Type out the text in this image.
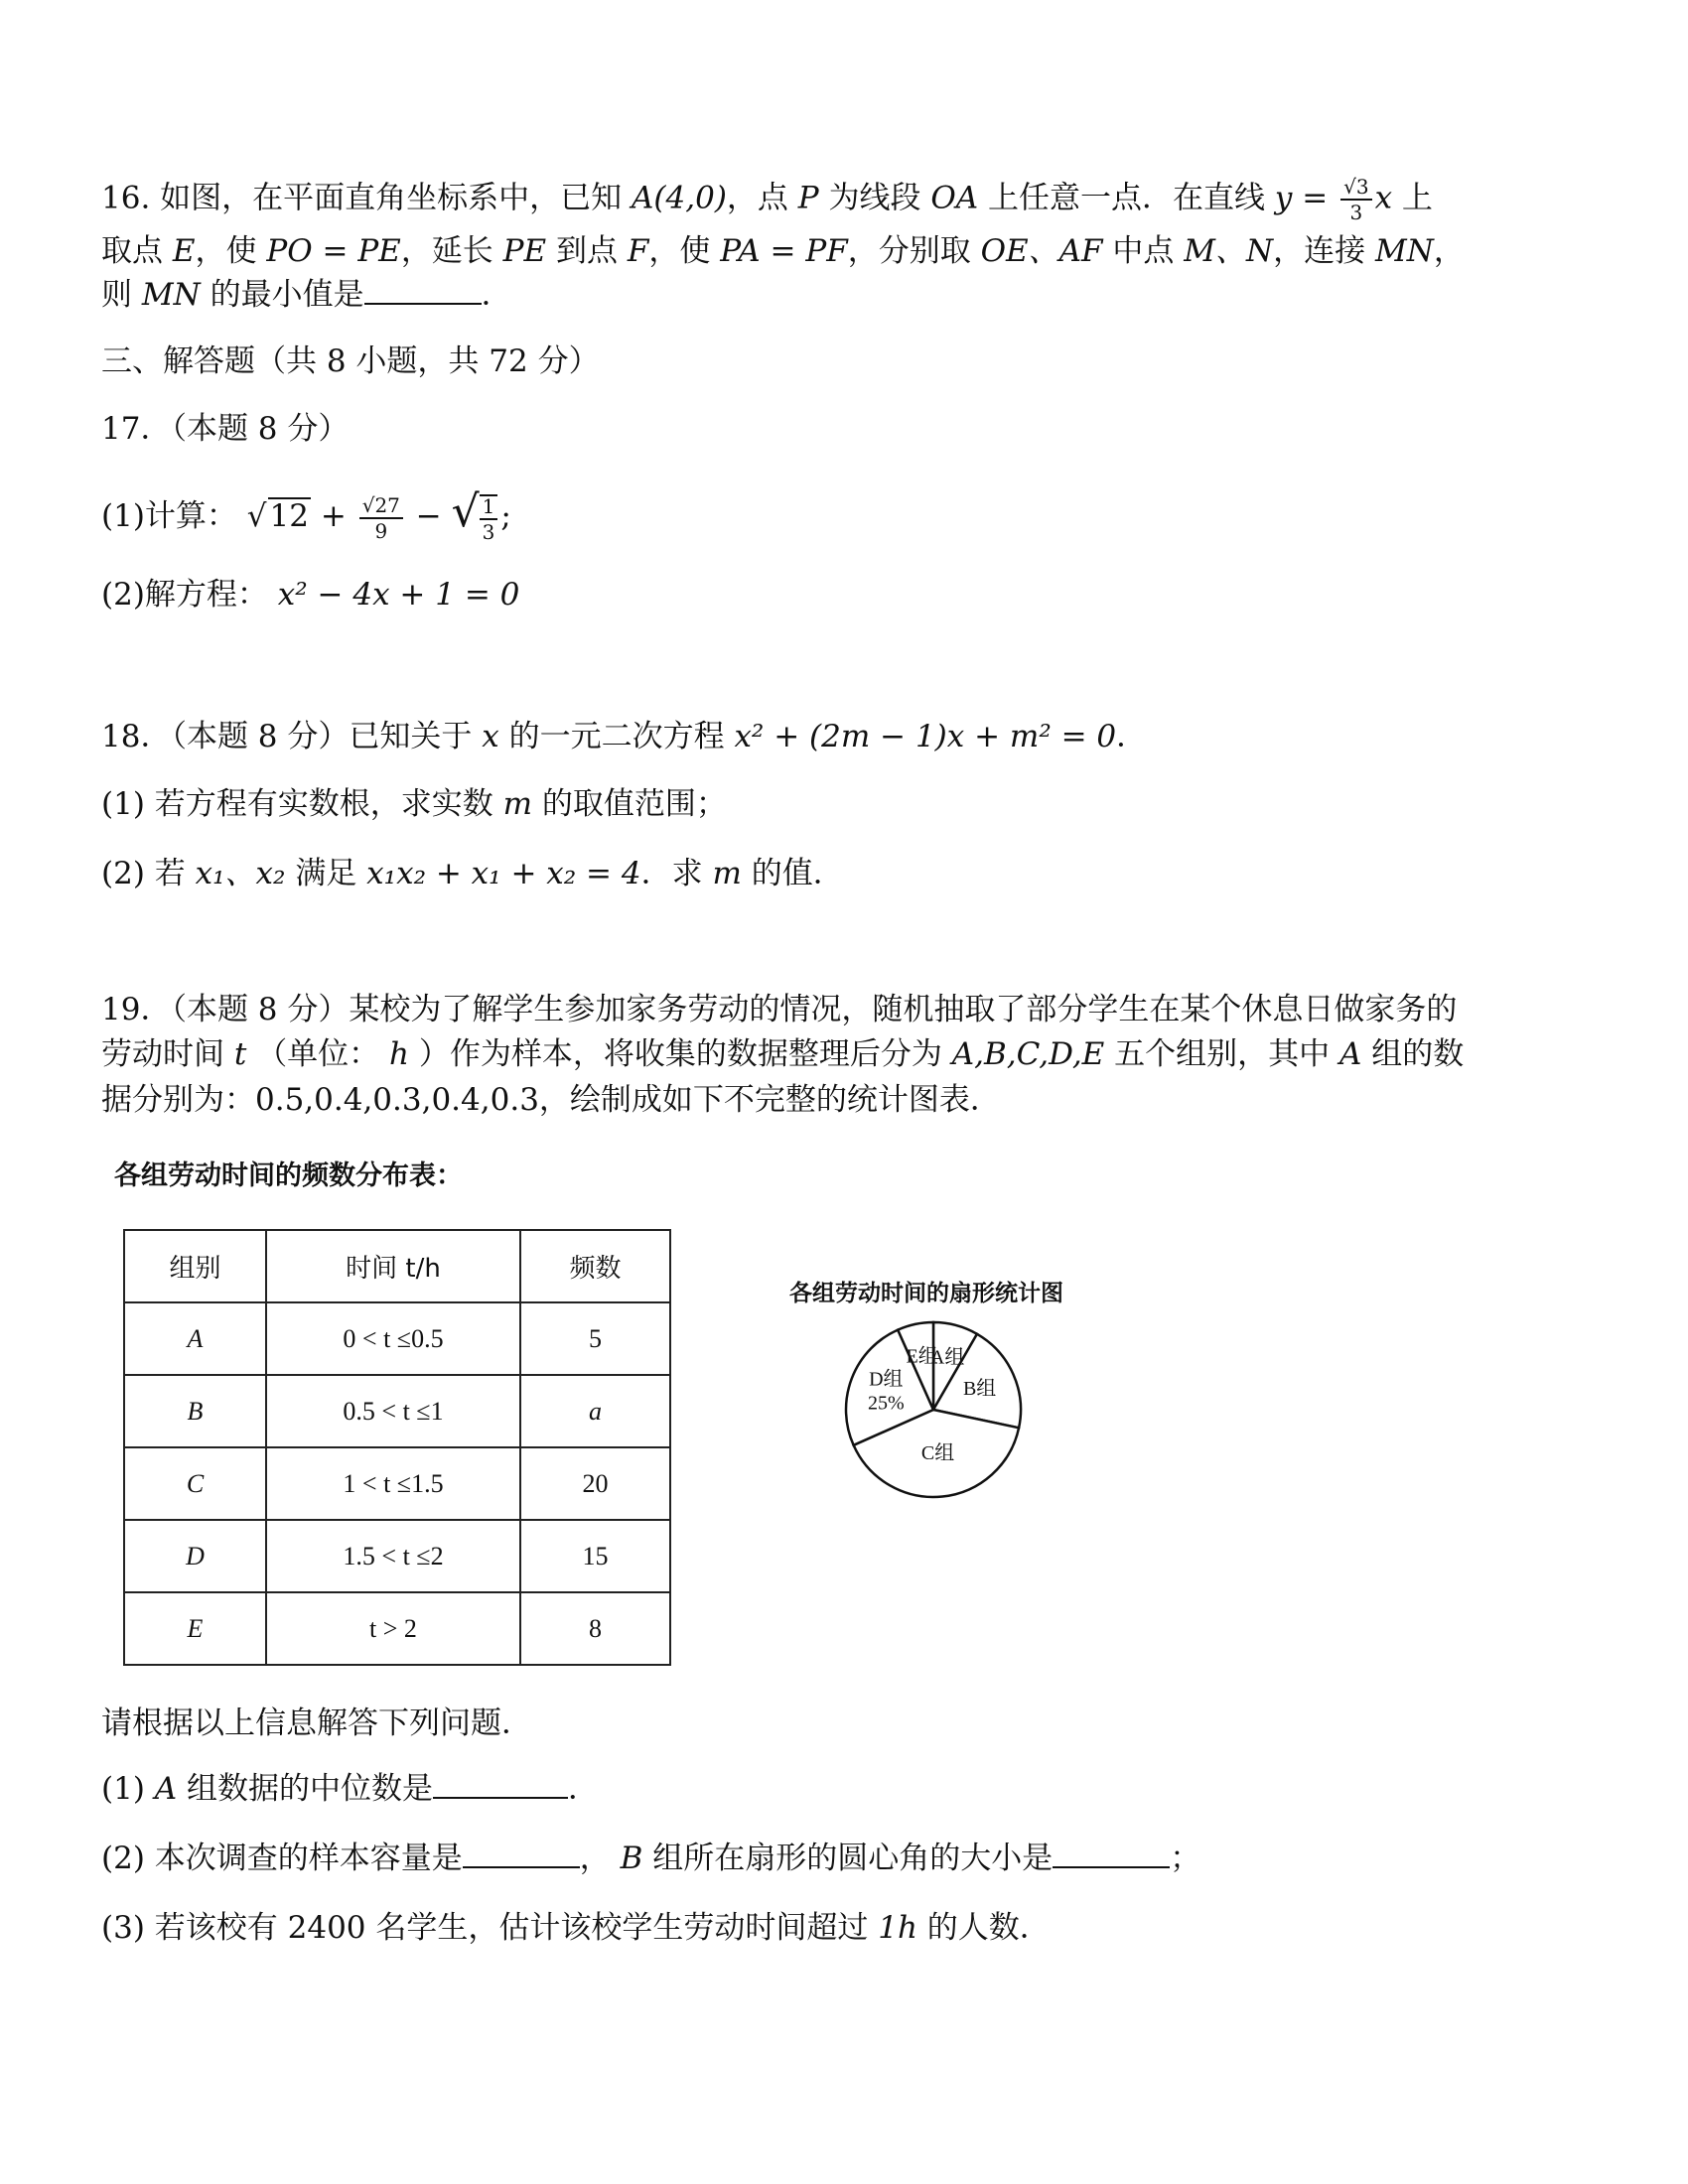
16. 如图，在平面直角坐标系中，已知 A(4,0)，点 P 为线段 OA 上任意一点．在直线 $y = \frac{√3}{3}$ x 上
取点 E，使 PO = PE，延长 PE 到点 F，使 PA = PF，分别取 OE、AF 中点 M、N，连接 MN，
则 MN 的最小值是	．
三、解答题（共 8 小题，共 72 分）
17．（本题 8 分）
(1)计算： $√12 + \frac{√27}{9}$ − √ $\frac{1}{3}$ ;
(2)解方程： x² − 4x + 1 = 0
18．（本题 8 分）已知关于 x 的一元二次方程 x² + (2m − 1)x + m² = 0．
(1) 若方程有实数根，求实数 m 的取值范围；
(2) 若 x₁、x₂ 满足 x₁x₂ + x₁ + x₂ = 4．求 m 的值．
19．（本题 8 分）某校为了解学生参加家务劳动的情况，随机抽取了部分学生在某个休息日做家务的
劳动时间 t （单位： h ）作为样本，将收集的数据整理后分为 A,B,C,D,E 五个组别，其中 A 组的数
据分别为：0.5,0.4,0.3,0.4,0.3，绘制成如下不完整的统计图表．
各组劳动时间的频数分布表：
组别	时间 t/h	频数
A	0 < t ≤0.5	5
B	0.5 < t ≤1	a
C	1 < t ≤1.5	20
D	1.5 < t ≤2	15
E	t > 2	8
各组劳动时间的扇形统计图
A组
B组
C组
D组
25%
E组
请根据以上信息解答下列问题．
(1) A 组数据的中位数是	．
(2) 本次调查的样本容量是	， B 组所在扇形的圆心角的大小是	；
(3) 若该校有 2400 名学生，估计该校学生劳动时间超过 1h 的人数．
